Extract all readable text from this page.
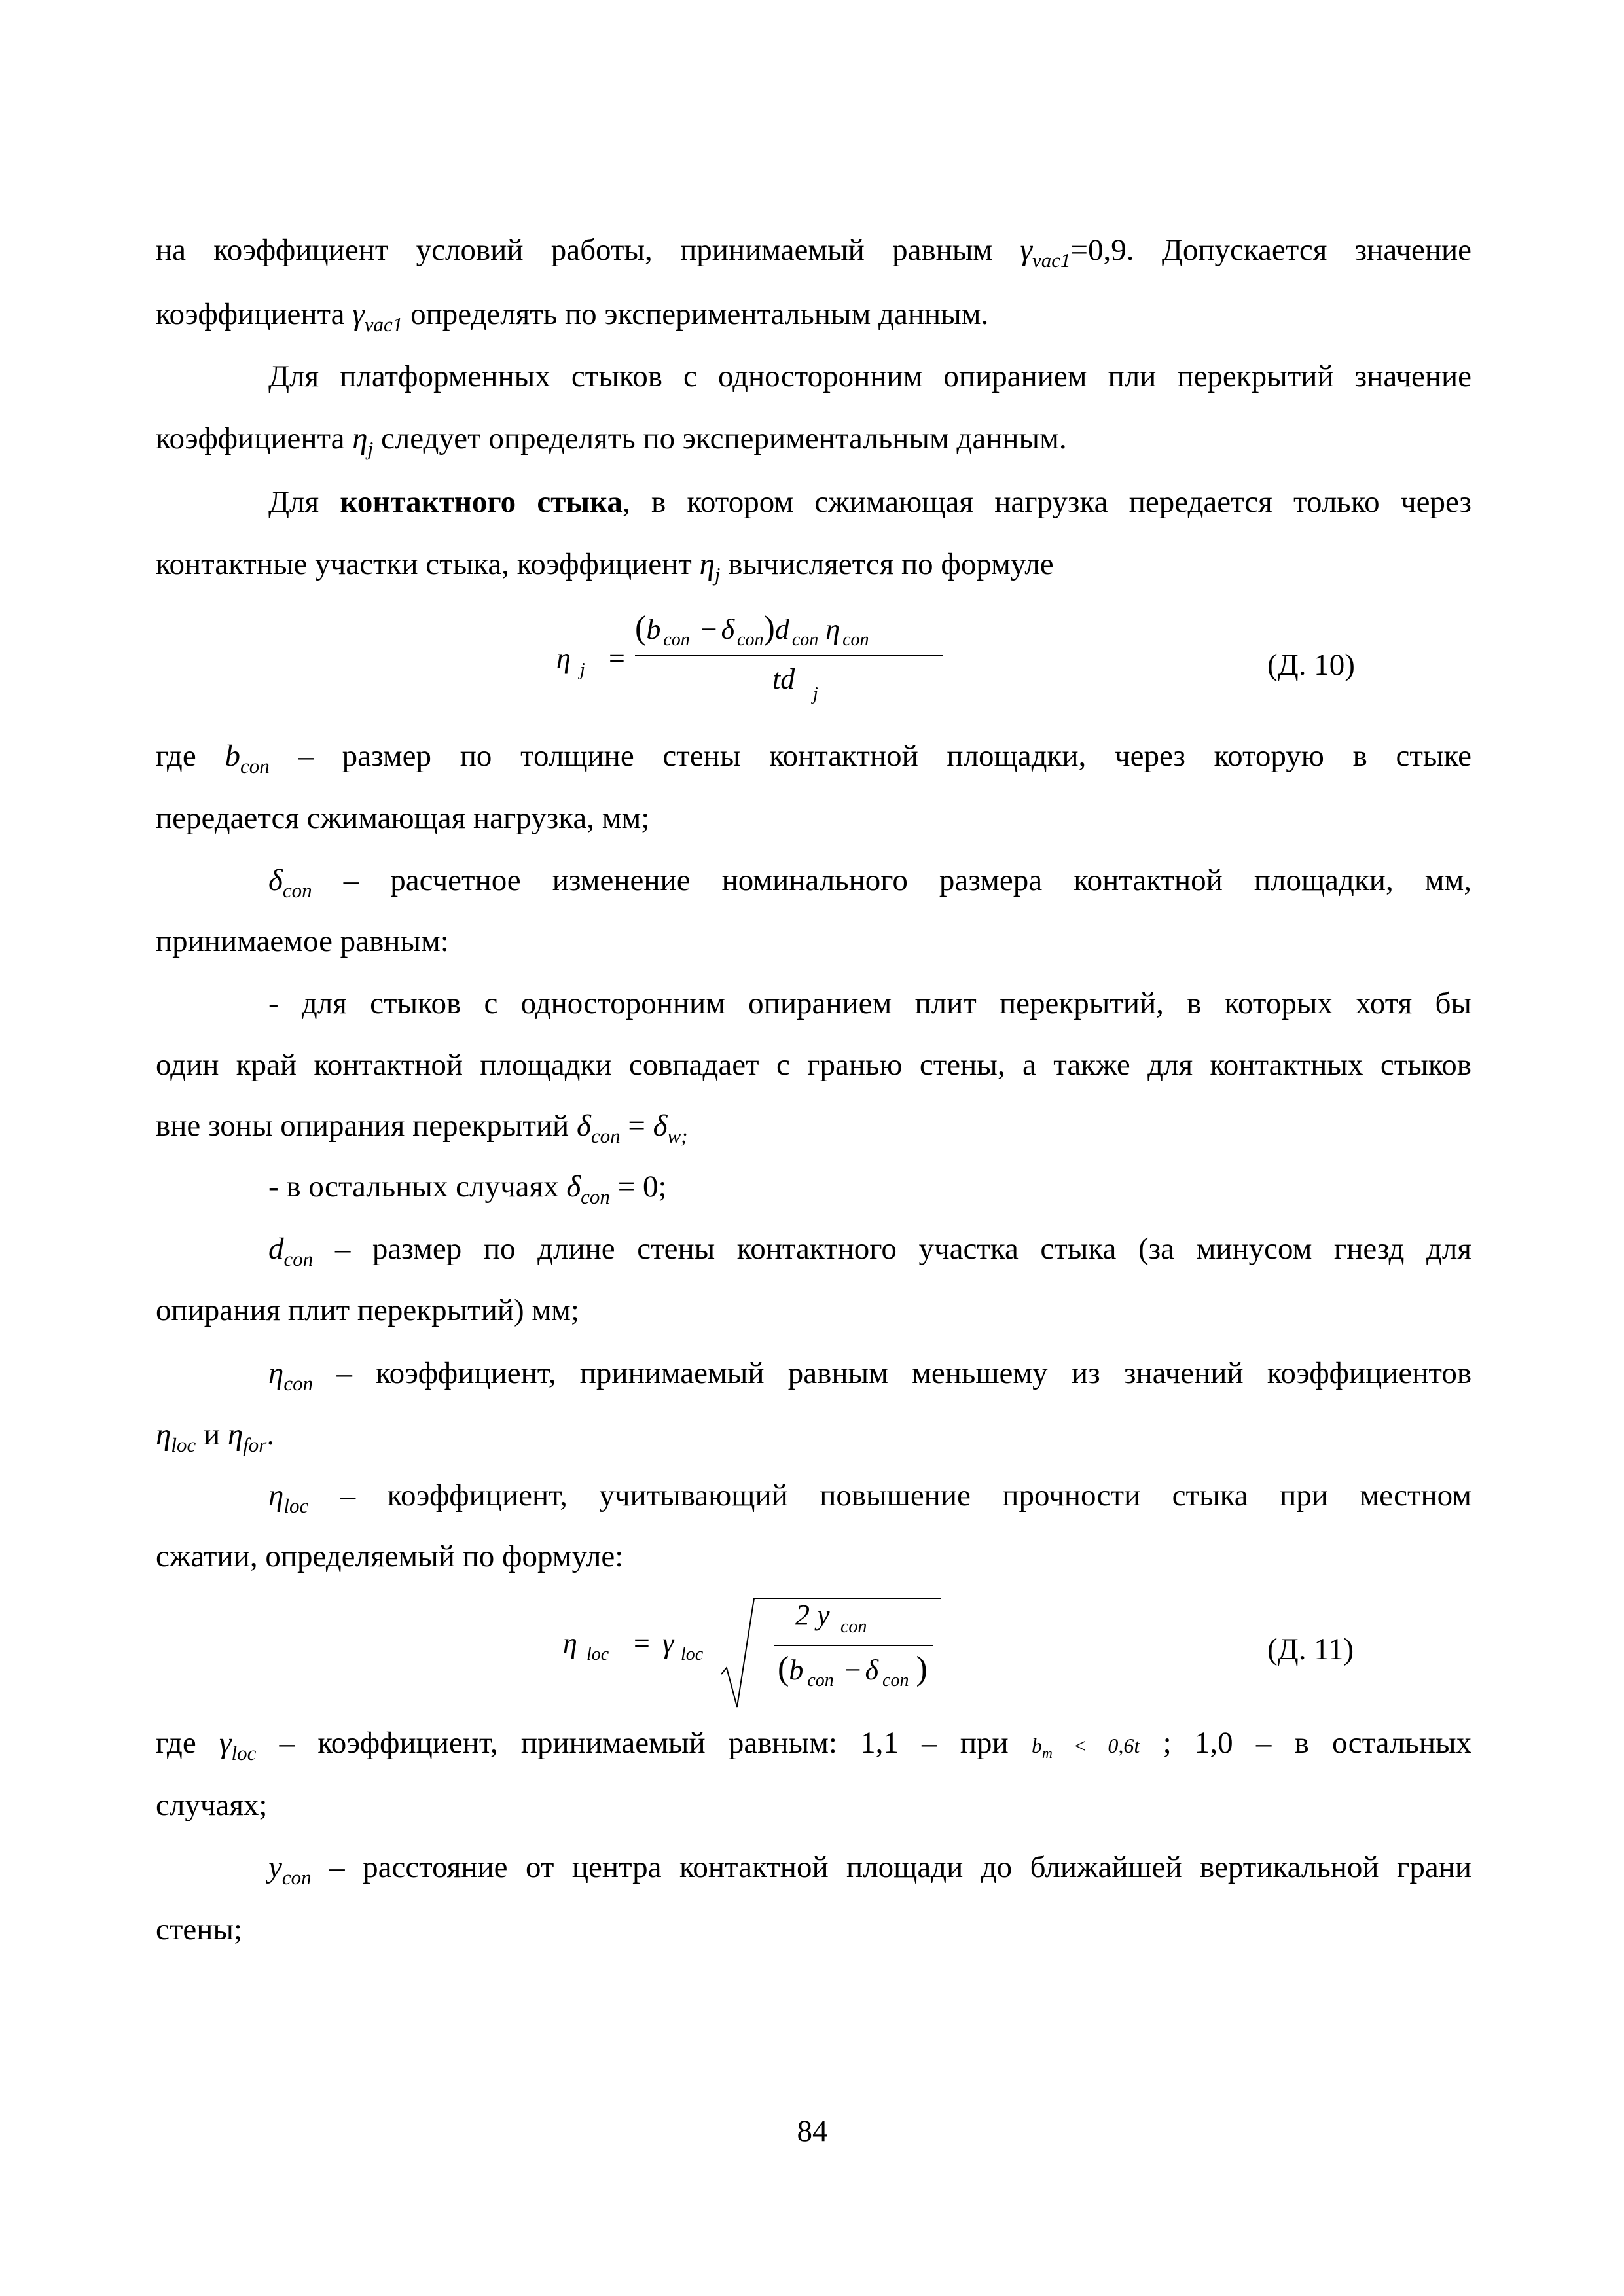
на коэффициент условий работы, принимаемый равным $\gamma_{vac1}=0,9$. Допускается значение
коэффициента $\gamma_{vac1}$ определять по экспериментальным данным.
Для платформенных стыков с односторонним опиранием пли перекрытий значение
коэффициента $\eta_j$ следует определять по экспериментальным данным.
Для контактного стыка, в котором сжимающая нагрузка передается только через
контактные участки стыка, коэффициент $\eta_j$ вычисляется по формуле
η j =
(b $_{con}$ − δ $_{con}$)d $_{con}$ η $_{con}$
td j
(Д. 10)
где $b_{con}$ – размер по толщине стены контактной площадки, через которую в стыке
передается сжимающая нагрузка, мм;
$\delta_{con}$ – расчетное изменение номинального размера контактной площадки, мм,
принимаемое равным:
- для стыков с односторонним опиранием плит перекрытий, в которых хотя бы
один край контактной площадки совпадает с гранью стены, а также для контактных стыков
вне зоны опирания перекрытий $\delta_{con} = \delta_{w;}$
- в остальных случаях $\delta_{con} = 0$;
$d_{con}$ – размер по длине стены контактного участка стыка (за минусом гнезд для
опирания плит перекрытий) мм;
$\eta_{con}$ – коэффициент, принимаемый равным меньшему из значений коэффициентов
$\eta_{loc}$ и $\eta_{for}$.
$\eta_{loc}$ – коэффициент, учитывающий повышение прочности стыка при местном
сжатии, определяемый по формуле:
η loc = γ loc
2 y con
(b $_{con}$ − δ $_{con}$ )
(Д. 11)
где $\gamma_{loc}$ – коэффициент, принимаемый равным: 1,1 – при $b_m < 0,6t$ ; 1,0 – в остальных
случаях;
$y_{con}$ – расстояние от центра контактной площади до ближайшей вертикальной грани
стены;
84
